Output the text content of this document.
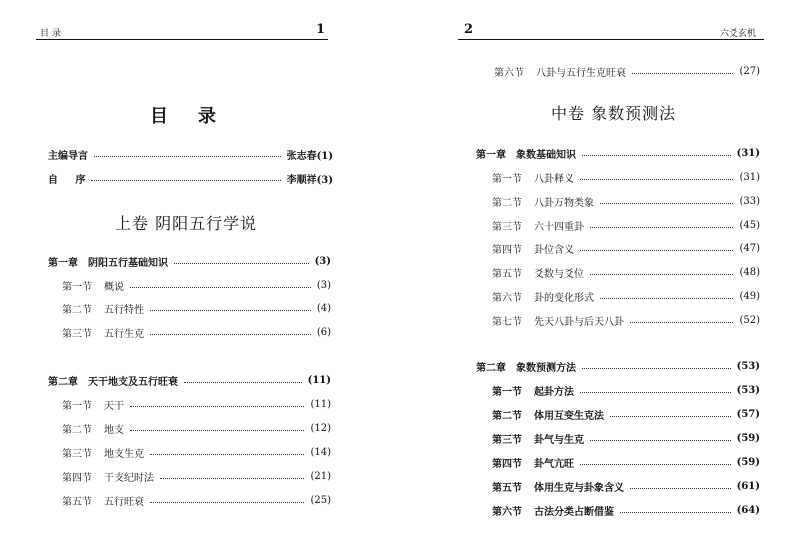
目 录	1
目录
主编导言	张志春(1)
自 序	李顺祥(3)
上卷 阴阳五行学说
第一章 阴阳五行基础知识	(3)
第一节 概说	(3)
第二节 五行特性	(4)
第三节 五行生克	(6)
第二章 天干地支及五行旺衰	(11)
第一节 天干	(11)
第二节 地支	(12)
第三节 地支生克	(14)
第四节 干支纪时法	(21)
第五节 五行旺衰	(25)
2	六爻玄机
第六节 八卦与五行生克旺衰	(27)
中卷 象数预测法
第一章 象数基础知识	(31)
第一节 八卦释义	(31)
第二节 八卦万物类象	(33)
第三节 六十四重卦	(45)
第四节 卦位含义	(47)
第五节 爻数与爻位	(48)
第六节 卦的变化形式	(49)
第七节 先天八卦与后天八卦	(52)
第二章 象数预测方法	(53)
第一节 起卦方法	(53)
第二节 体用互变生克法	(57)
第三节 卦气与生克	(59)
第四节 卦气亢旺	(59)
第五节 体用生克与卦象含义	(61)
第六节 古法分类占断借鉴	(64)
